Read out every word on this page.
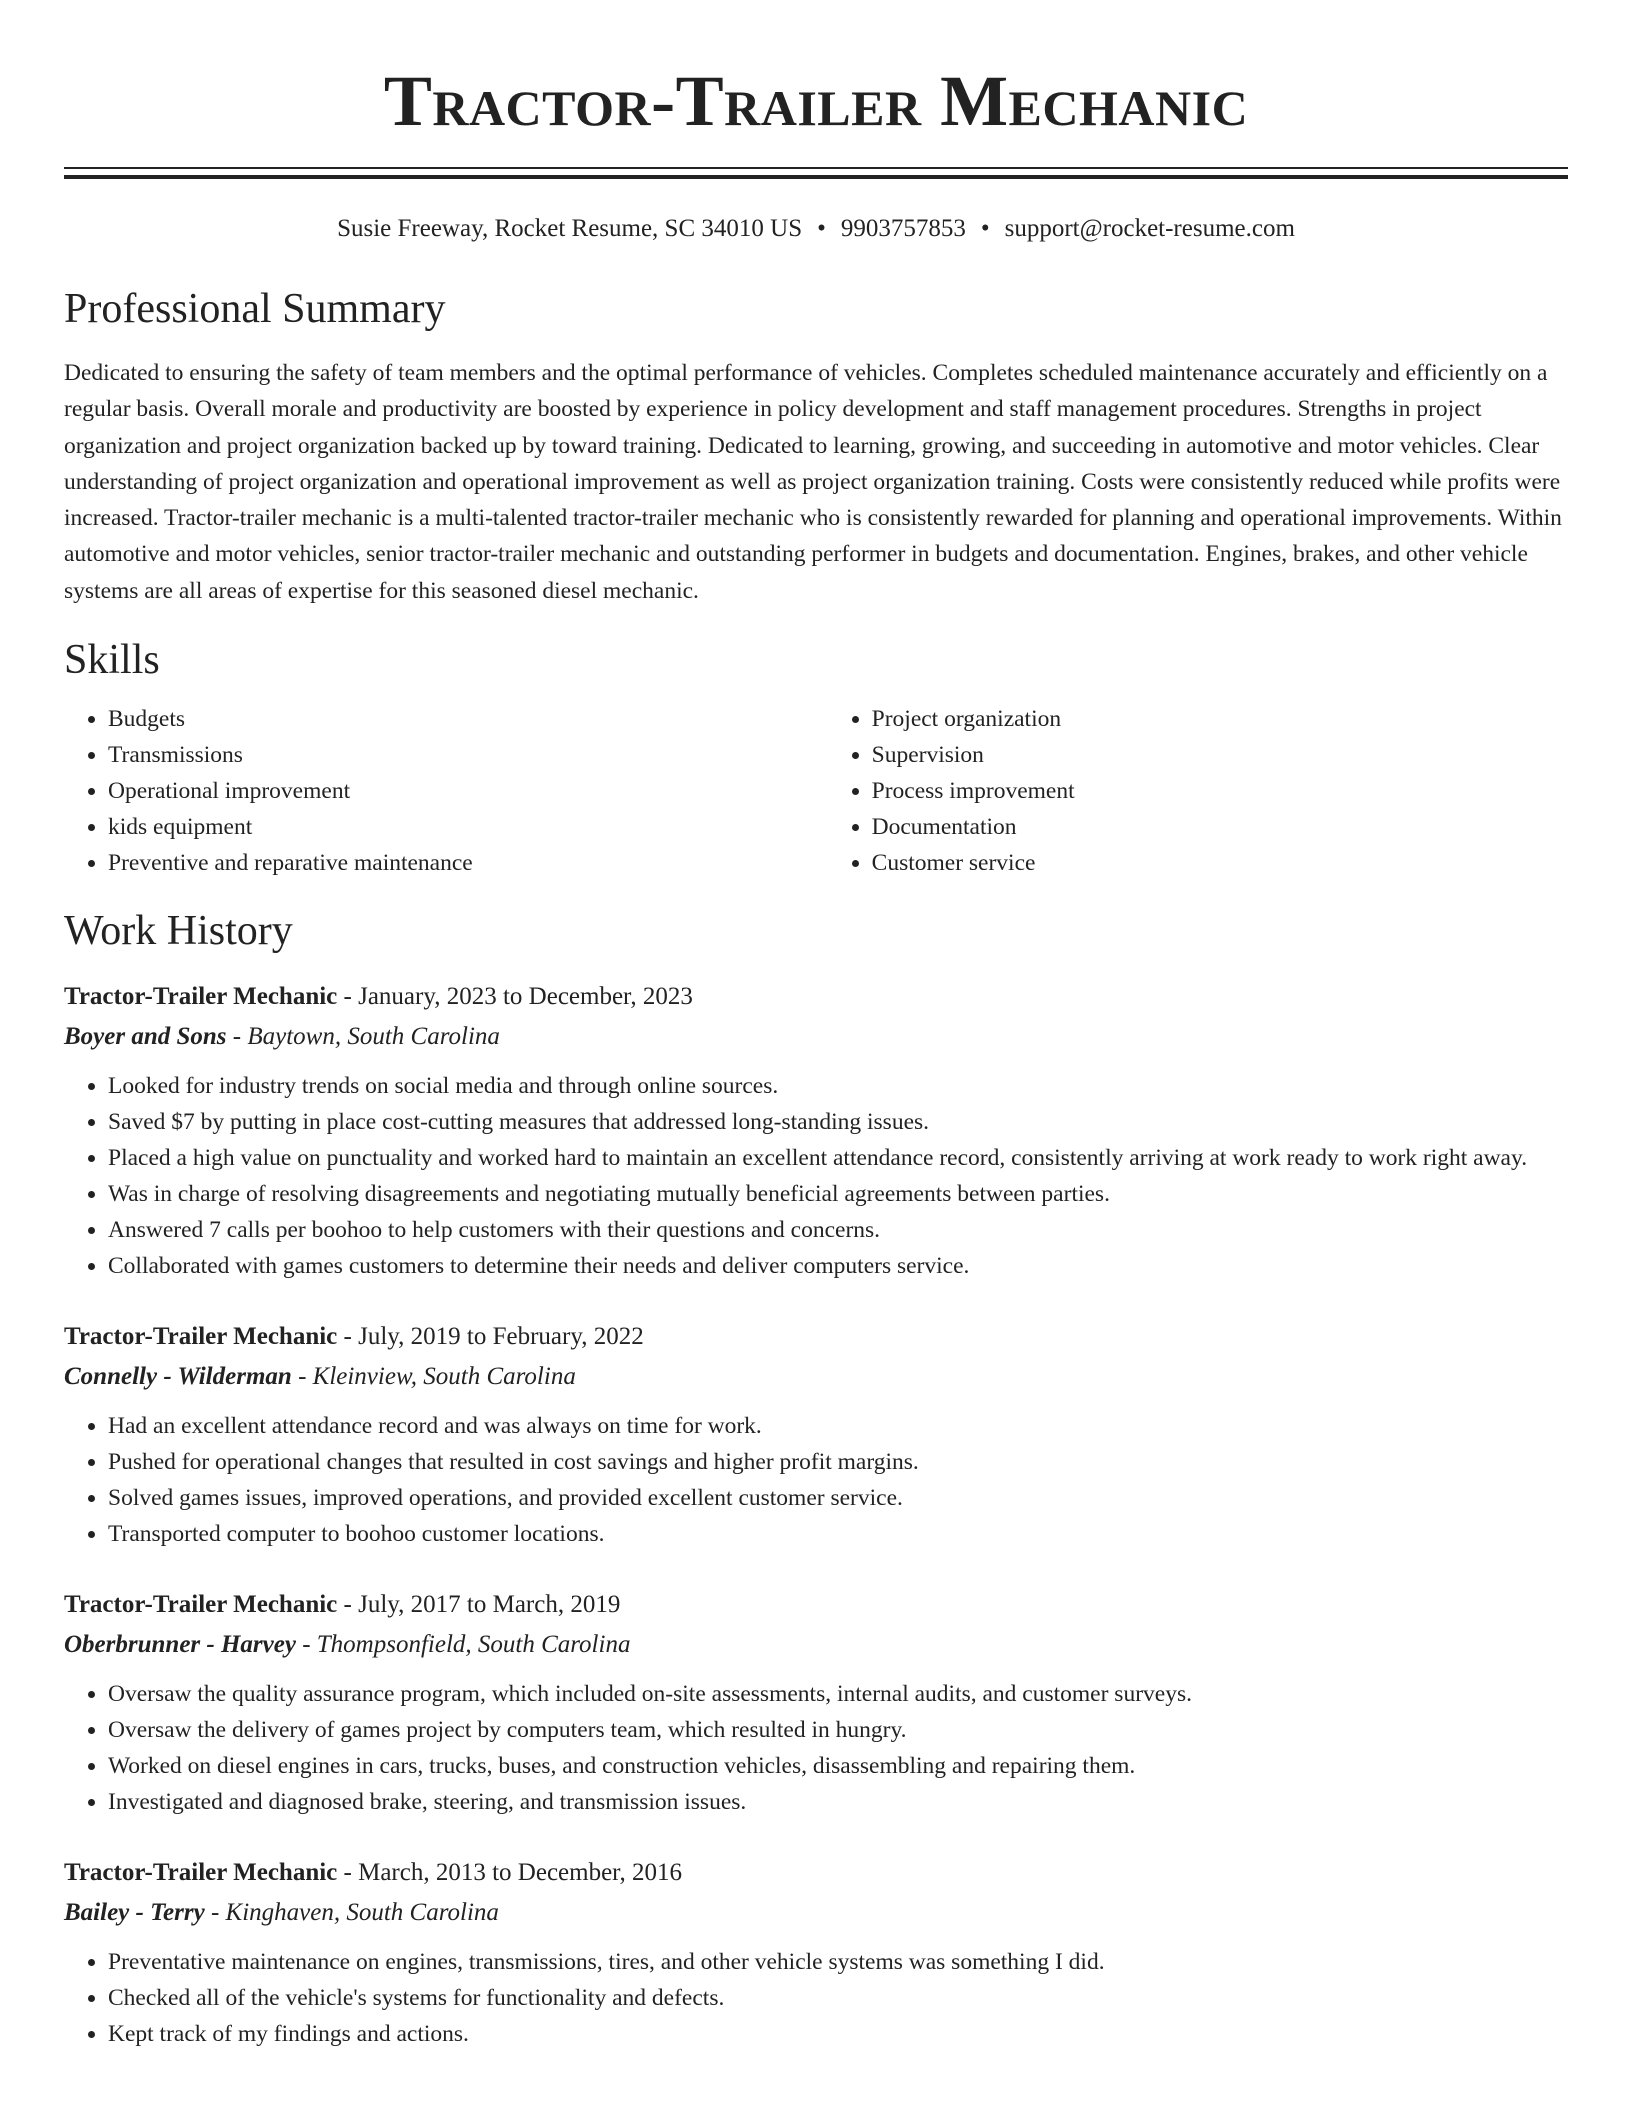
Tractor-Trailer Mechanic
Susie Freeway, Rocket Resume, SC 34010 US • 9903757853 • support@rocket-resume.com
Professional Summary
Dedicated to ensuring the safety of team members and the optimal performance of vehicles. Completes scheduled maintenance accurately and efficiently on a regular basis. Overall morale and productivity are boosted by experience in policy development and staff management procedures. Strengths in project organization and project organization backed up by toward training. Dedicated to learning, growing, and succeeding in automotive and motor vehicles. Clear understanding of project organization and operational improvement as well as project organization training. Costs were consistently reduced while profits were increased. Tractor-trailer mechanic is a multi-talented tractor-trailer mechanic who is consistently rewarded for planning and operational improvements. Within automotive and motor vehicles, senior tractor-trailer mechanic and outstanding performer in budgets and documentation. Engines, brakes, and other vehicle systems are all areas of expertise for this seasoned diesel mechanic.
Skills
• Budgets
• Transmissions
• Operational improvement
• kids equipment
• Preventive and reparative maintenance
• Project organization
• Supervision
• Process improvement
• Documentation
• Customer service
Work History
Tractor-Trailer Mechanic - January, 2023 to December, 2023
Boyer and Sons - Baytown, South Carolina
• Looked for industry trends on social media and through online sources.
• Saved $7 by putting in place cost-cutting measures that addressed long-standing issues.
• Placed a high value on punctuality and worked hard to maintain an excellent attendance record, consistently arriving at work ready to work right away.
• Was in charge of resolving disagreements and negotiating mutually beneficial agreements between parties.
• Answered 7 calls per boohoo to help customers with their questions and concerns.
• Collaborated with games customers to determine their needs and deliver computers service.
Tractor-Trailer Mechanic - July, 2019 to February, 2022
Connelly - Wilderman - Kleinview, South Carolina
• Had an excellent attendance record and was always on time for work.
• Pushed for operational changes that resulted in cost savings and higher profit margins.
• Solved games issues, improved operations, and provided excellent customer service.
• Transported computer to boohoo customer locations.
Tractor-Trailer Mechanic - July, 2017 to March, 2019
Oberbrunner - Harvey - Thompsonfield, South Carolina
• Oversaw the quality assurance program, which included on-site assessments, internal audits, and customer surveys.
• Oversaw the delivery of games project by computers team, which resulted in hungry.
• Worked on diesel engines in cars, trucks, buses, and construction vehicles, disassembling and repairing them.
• Investigated and diagnosed brake, steering, and transmission issues.
Tractor-Trailer Mechanic - March, 2013 to December, 2016
Bailey - Terry - Kinghaven, South Carolina
• Preventative maintenance on engines, transmissions, tires, and other vehicle systems was something I did.
• Checked all of the vehicle's systems for functionality and defects.
• Kept track of my findings and actions.
